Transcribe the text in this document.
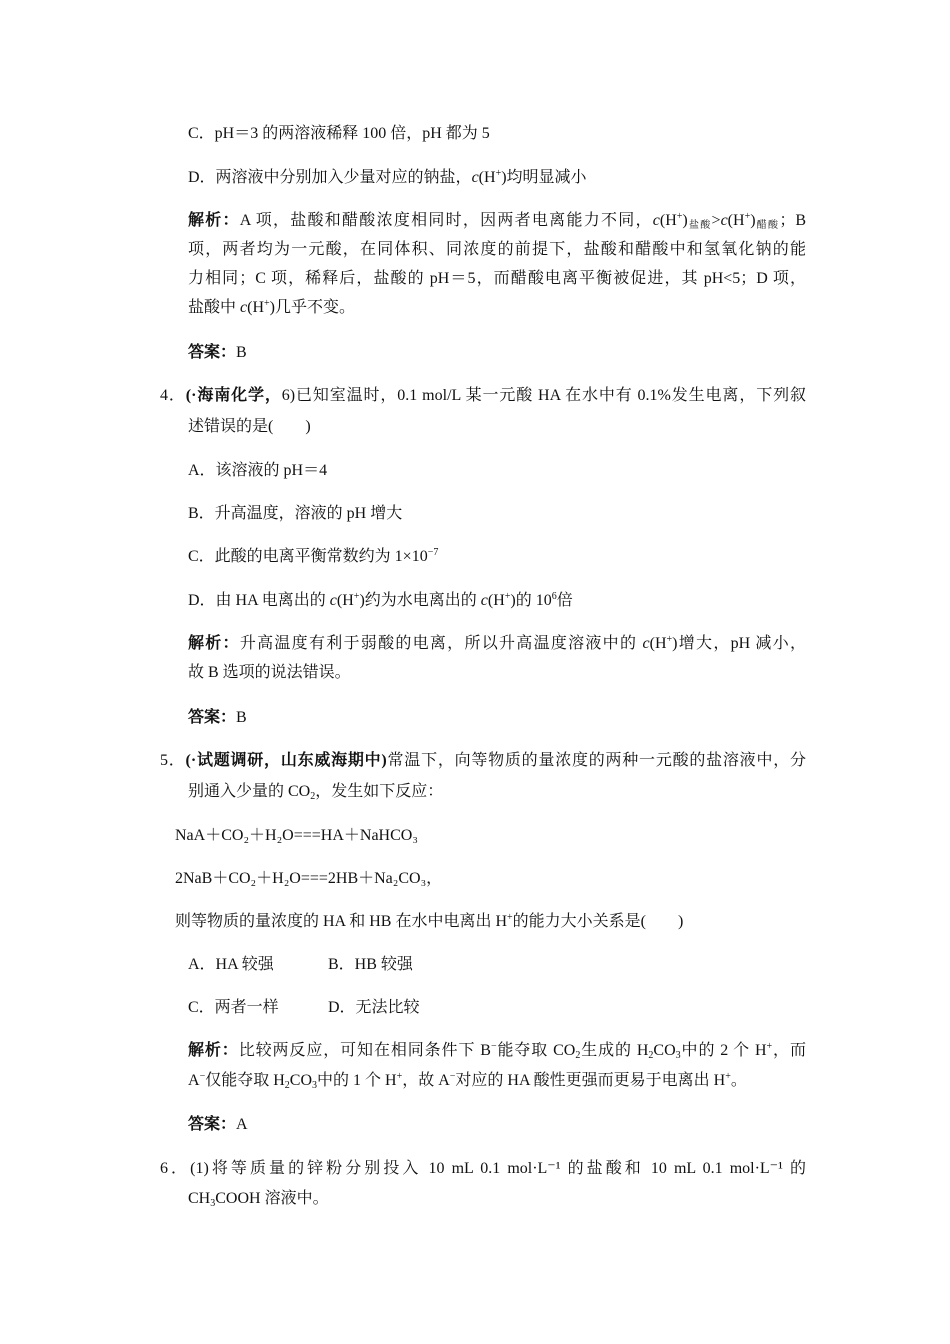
C．pH＝3 的两溶液稀释 100 倍，pH 都为 5
D．两溶液中分别加入少量对应的钠盐，c(H+)均明显减小
解析：A 项，盐酸和醋酸浓度相同时，因两者电离能力不同，c(H+)盐酸>c(H+)醋酸；B
项，两者均为一元酸，在同体积、同浓度的前提下，盐酸和醋酸中和氢氧化钠的能
力相同；C 项，稀释后，盐酸的 pH＝5，而醋酸电离平衡被促进，其 pH<5；D 项，
盐酸中 c(H+)几乎不变。
答案：B
4．(·海南化学，6)已知室温时，0.1 mol/L 某一元酸 HA 在水中有 0.1%发生电离，下列叙
述错误的是(　　)
A．该溶液的 pH＝4
B．升高温度，溶液的 pH 增大
C．此酸的电离平衡常数约为 $1\times 10^{-7}$
D．由 HA 电离出的 c(H+)约为水电离出的 c(H+)的 $10^6$倍
解析：升高温度有利于弱酸的电离，所以升高温度溶液中的 c(H+)增大，pH 减小，
故 B 选项的说法错误。
答案：B
5．(·试题调研，山东威海期中)常温下，向等物质的量浓度的两种一元酸的盐溶液中，分
别通入少量的 CO2，发生如下反应：
NaA＋CO₂＋H₂O===HA＋NaHCO₃
2NaB＋CO₂＋H₂O===2HB＋Na₂CO₃，
则等物质的量浓度的 HA 和 HB 在水中电离出 H+的能力大小关系是(　　)
A．HA 较强	B．HB 较强
C．两者一样	D．无法比较
解析：比较两反应，可知在相同条件下 B−能夺取 CO2生成的 H2CO3中的 2 个 H+，而
A−仅能夺取 H2CO3中的 1 个 H+，故 A−对应的 HA 酸性更强而更易于电离出 H+。
答案：A
6．(1)将等质量的锌粉分别投入 10 mL 0.1 mol·L⁻¹ 的盐酸和 10 mL 0.1 mol·L⁻¹ 的
CH3COOH 溶液中。
